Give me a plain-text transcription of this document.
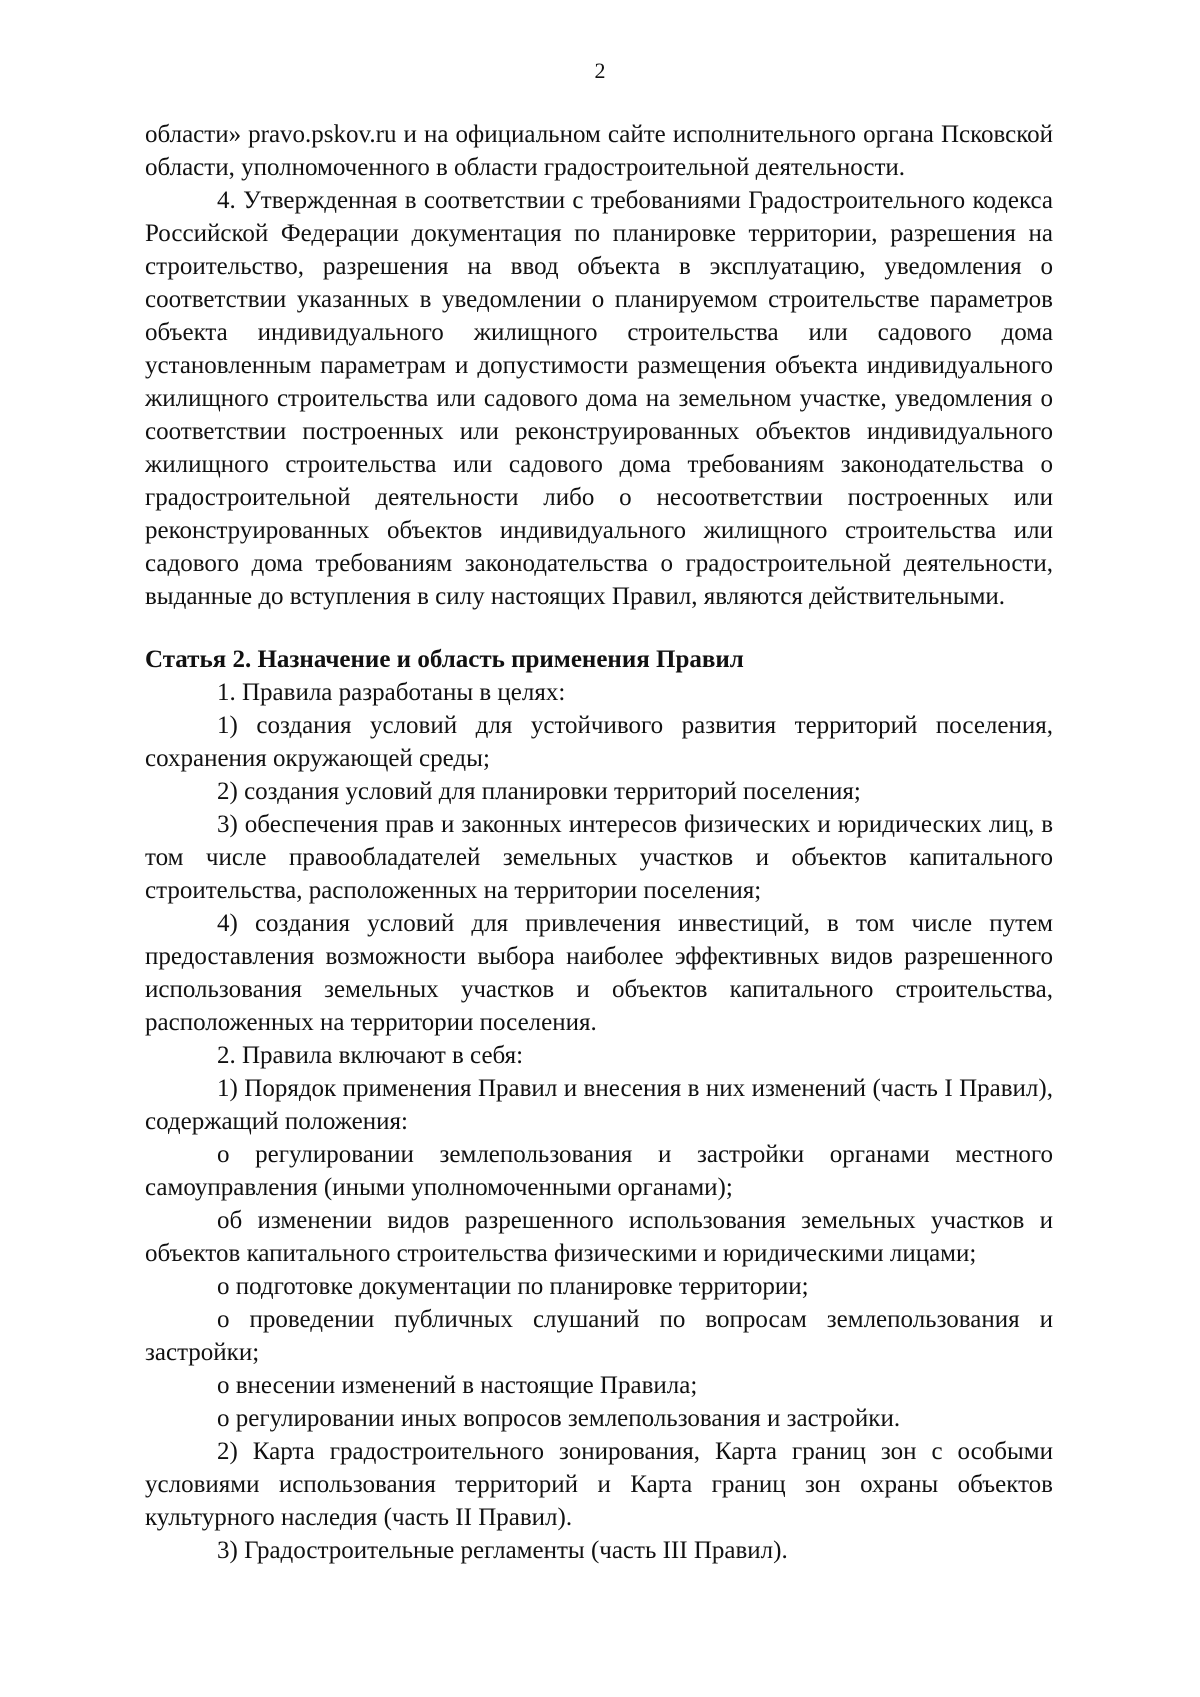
2

области» pravo.pskov.ru и на официальном сайте исполнительного органа Псковской области, уполномоченного в области градостроительной деятельности.

4. Утвержденная в соответствии с требованиями Градостроительного кодекса Российской Федерации документация по планировке территории, разрешения на строительство, разрешения на ввод объекта в эксплуатацию, уведомления о соответствии указанных в уведомлении о планируемом строительстве параметров объекта индивидуального жилищного строительства или садового дома установленным параметрам и допустимости размещения объекта индивидуального жилищного строительства или садового дома на земельном участке, уведомления о соответствии построенных или реконструированных объектов индивидуального жилищного строительства или садового дома требованиям законодательства о градостроительной деятельности либо о несоответствии построенных или реконструированных объектов индивидуального жилищного строительства или садового дома требованиям законодательства о градостроительной деятельности, выданные до вступления в силу настоящих Правил, являются действительными.

Статья 2. Назначение и область применения Правил

1. Правила разработаны в целях:

1) создания условий для устойчивого развития территорий поселения, сохранения окружающей среды;

2) создания условий для планировки территорий поселения;

3) обеспечения прав и законных интересов физических и юридических лиц, в том числе правообладателей земельных участков и объектов капитального строительства, расположенных на территории поселения;

4) создания условий для привлечения инвестиций, в том числе путем предоставления возможности выбора наиболее эффективных видов разрешенного использования земельных участков и объектов капитального строительства, расположенных на территории поселения.

2. Правила включают в себя:

1) Порядок применения Правил и внесения в них изменений (часть I Правил), содержащий положения:

о регулировании землепользования и застройки органами местного самоуправления (иными уполномоченными органами);

об изменении видов разрешенного использования земельных участков и объектов капитального строительства физическими и юридическими лицами;

о подготовке документации по планировке территории;

о проведении публичных слушаний по вопросам землепользования и застройки;

о внесении изменений в настоящие Правила;

о регулировании иных вопросов землепользования и застройки.

2) Карта градостроительного зонирования, Карта границ зон с особыми условиями использования территорий и Карта границ зон охраны объектов культурного наследия (часть II Правил).

3) Градостроительные регламенты (часть III Правил).
